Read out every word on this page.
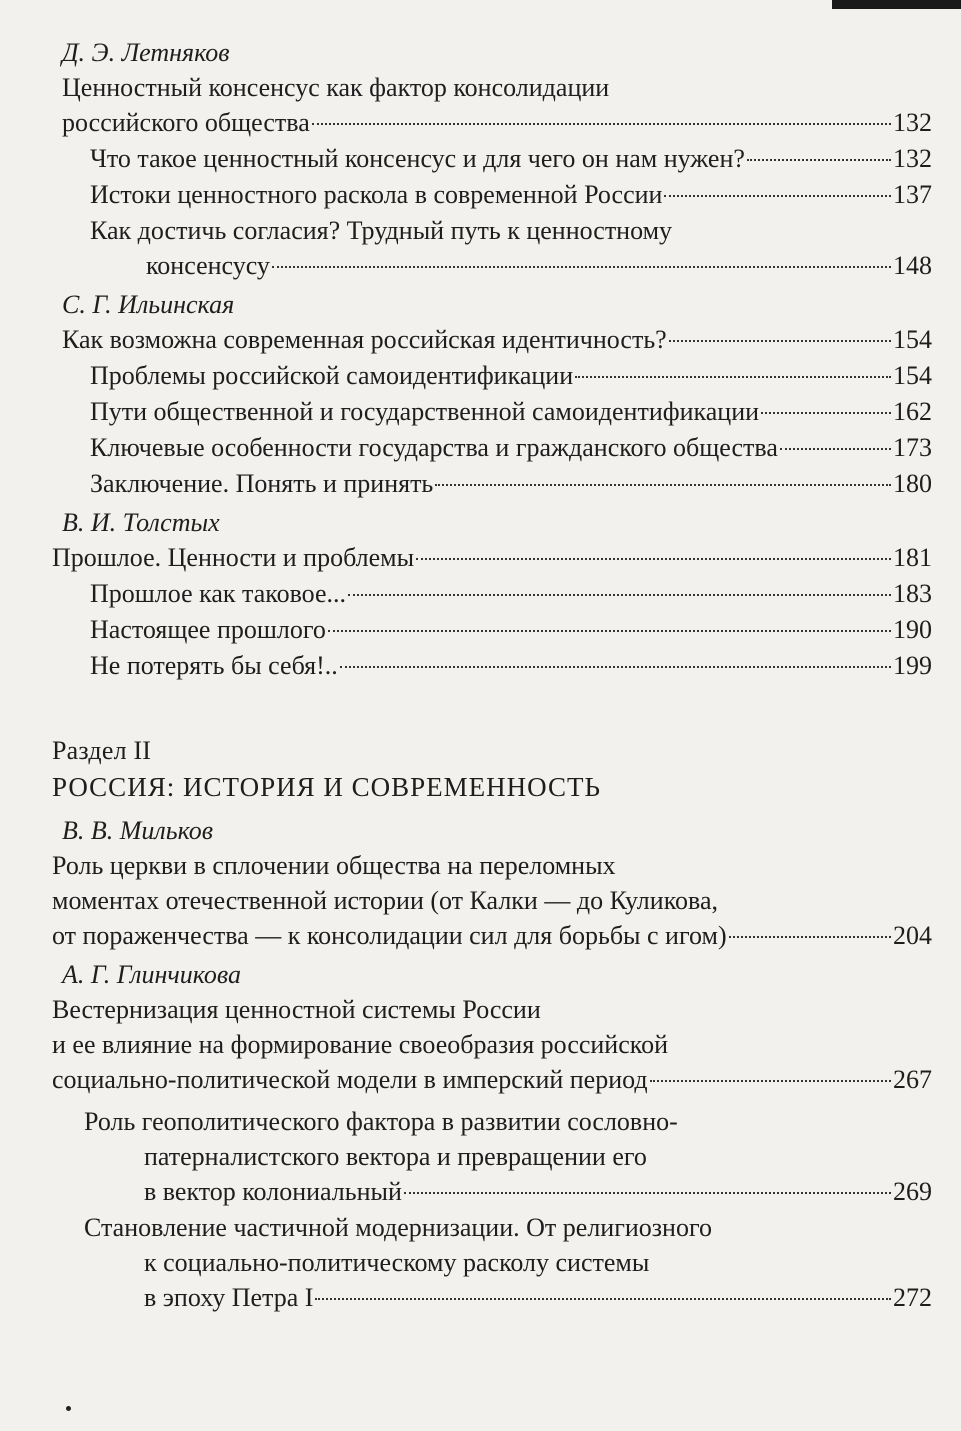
Д. Э. Летняков
Ценностный консенсус как фактор консолидации
российского общества	132
Что такое ценностный консенсус и для чего он нам нужен?	132
Истоки ценностного раскола в современной России	137
Как достичь согласия? Трудный путь к ценностному
консенсусу	148
С. Г. Ильинская
Как возможна современная российская идентичность?	154
Проблемы российской самоидентификации	154
Пути общественной и государственной самоидентификации	162
Ключевые особенности государства и гражданского общества	173
Заключение. Понять и принять	180
В. И. Толстых
Прошлое. Ценности и проблемы	181
Прошлое как таковое...	183
Настоящее прошлого	190
Не потерять бы себя!..	199
Раздел II
РОССИЯ: ИСТОРИЯ И СОВРЕМЕННОСТЬ
В. В. Мильков
Роль церкви в сплочении общества на переломных
моментах отечественной истории (от Калки — до Куликова,
от пораженчества — к консолидации сил для борьбы с игом)	204
А. Г. Глинчикова
Вестернизация ценностной системы России
и ее влияние на формирование своеобразия российской
социально-политической модели в имперский период	267
Роль геополитического фактора в развитии сословно-
патерналистского вектора и превращении его
в вектор колониальный	269
Становление частичной модернизации. От религиозного
к социально-политическому расколу системы
в эпоху Петра I	272
